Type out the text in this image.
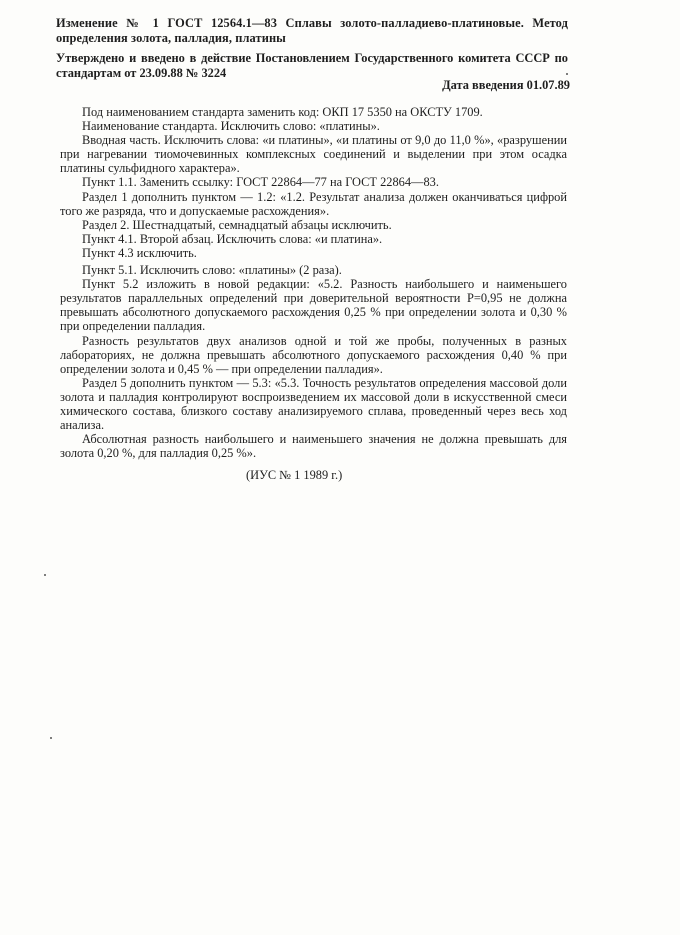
Изменение № 1 ГОСТ 12564.1—83 Сплавы золото-палладиево-платиновые. Метод определения золота, палладия, платины
Утверждено и введено в действие Постановлением Государственного комитета СССР по стандартам от 23.09.88 № 3224
Дата введения 01.07.89

Под наименованием стандарта заменить код: ОКП 17 5350 на ОКСТУ 1709.

Наименование стандарта. Исключить слово: «платины».

Вводная часть. Исключить слова: «и платины», «и платины от 9,0 до 11,0 %», «разрушении при нагревании тиомочевинных комплексных соединений и выделении при этом осадка платины сульфидного характера».

Пункт 1.1. Заменить ссылку: ГОСТ 22864—77 на ГОСТ 22864—83.

Раздел 1 дополнить пунктом — 1.2: «1.2. Результат анализа должен оканчиваться цифрой того же разряда, что и допускаемые расхождения».

Раздел 2. Шестнадцатый, семнадцатый абзацы исключить.

Пункт 4.1. Второй абзац. Исключить слова: «и платина».

Пункт 4.3 исключить.

Пункт 5.1. Исключить слово: «платины» (2 раза).

Пункт 5.2 изложить в новой редакции: «5.2. Разность наибольшего и наименьшего результатов параллельных определений при доверительной вероятности P=0,95 не должна превышать абсолютного допускаемого расхождения 0,25 % при определении золота и 0,30 % при определении палладия.

Разность результатов двух анализов одной и той же пробы, полученных в разных лабораториях, не должна превышать абсолютного допускаемого расхождения 0,40 % при определении золота и 0,45 % — при определении палладия».

Раздел 5 дополнить пунктом — 5.3: «5.3. Точность результатов определения массовой доли золота и палладия контролируют воспроизведением их массовой доли в искусственной смеси химического состава, близкого составу анализируемого сплава, проведенный через весь ход анализа.

Абсолютная разность наибольшего и наименьшего значения не должна превышать для золота 0,20 %, для палладия 0,25 %».

(ИУС № 1 1989 г.)
